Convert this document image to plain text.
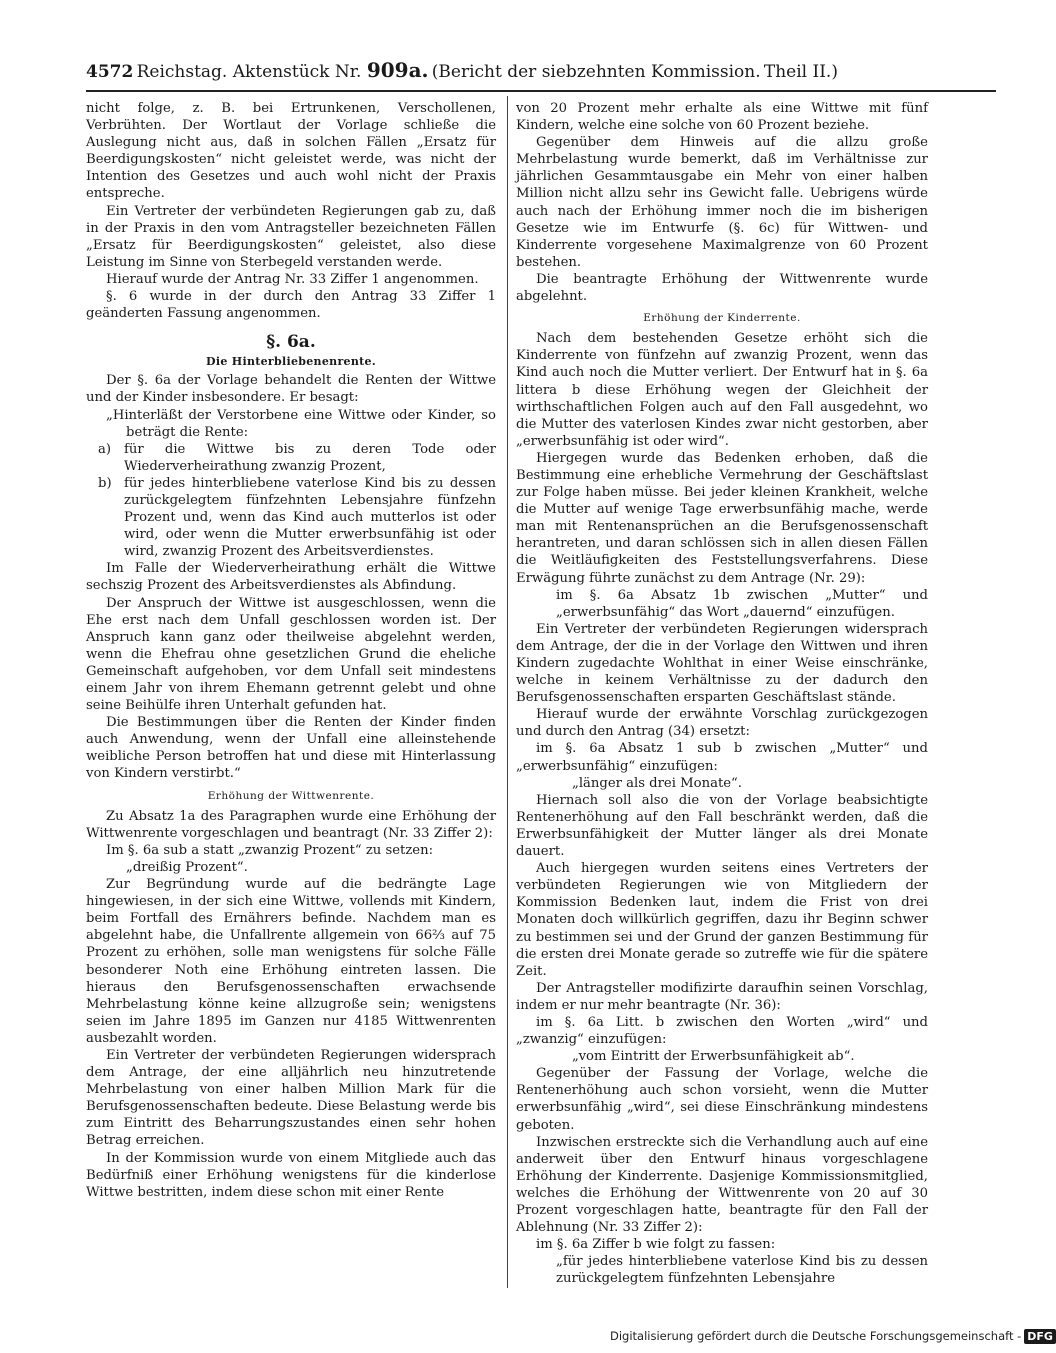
4572 Reichstag. Aktenstück Nr. 909a. (Bericht der siebzehnten Kommission. Theil II.)

nicht folge, z. B. bei Ertrunkenen, Verschollenen, Verbrühten. Der Wortlaut der Vorlage schließe die Auslegung nicht aus, daß in solchen Fällen „Ersatz für Beerdigungskosten“ nicht geleistet werde, was nicht der Intention des Gesetzes und auch wohl nicht der Praxis entspreche.

Ein Vertreter der verbündeten Regierungen gab zu, daß in der Praxis in den vom Antragsteller bezeichneten Fällen „Ersatz für Beerdigungskosten“ geleistet, also diese Leistung im Sinne von Sterbegeld verstanden werde.

Hierauf wurde der Antrag Nr. 33 Ziffer 1 angenommen.

§. 6 wurde in der durch den Antrag 33 Ziffer 1 geänderten Fassung angenommen.

§. 6a.
Die Hinterbliebenenrente.

Der §. 6a der Vorlage behandelt die Renten der Wittwe und der Kinder insbesondere. Er besagt:

„Hinterläßt der Verstorbene eine Wittwe oder Kinder, so beträgt die Rente:

a) für die Wittwe bis zu deren Tode oder Wiederverheirathung zwanzig Prozent,
b) für jedes hinterbliebene vaterlose Kind bis zu dessen zurückgelegtem fünfzehnten Lebensjahre fünfzehn Prozent und, wenn das Kind auch mutterlos ist oder wird, oder wenn die Mutter erwerbsunfähig ist oder wird, zwanzig Prozent des Arbeitsverdienstes.

Im Falle der Wiederverheirathung erhält die Wittwe sechszig Prozent des Arbeitsverdienstes als Abfindung.

Der Anspruch der Wittwe ist ausgeschlossen, wenn die Ehe erst nach dem Unfall geschlossen worden ist. Der Anspruch kann ganz oder theilweise abgelehnt werden, wenn die Ehefrau ohne gesetzlichen Grund die eheliche Gemeinschaft aufgehoben, vor dem Unfall seit mindestens einem Jahr von ihrem Ehemann getrennt gelebt und ohne seine Beihülfe ihren Unterhalt gefunden hat.

Die Bestimmungen über die Renten der Kinder finden auch Anwendung, wenn der Unfall eine alleinstehende weibliche Person betroffen hat und diese mit Hinterlassung von Kindern verstirbt.“

Erhöhung der Wittwenrente.

Zu Absatz 1a des Paragraphen wurde eine Erhöhung der Wittwenrente vorgeschlagen und beantragt (Nr. 33 Ziffer 2):

Im §. 6a sub a statt „zwanzig Prozent“ zu setzen:

„dreißig Prozent“.

Zur Begründung wurde auf die bedrängte Lage hingewiesen, in der sich eine Wittwe, vollends mit Kindern, beim Fortfall des Ernährers befinde. Nachdem man es abgelehnt habe, die Unfallrente allgemein von 66⅔ auf 75 Prozent zu erhöhen, solle man wenigstens für solche Fälle besonderer Noth eine Erhöhung eintreten lassen. Die hieraus den Berufsgenossenschaften erwachsende Mehrbelastung könne keine allzugroße sein; wenigstens seien im Jahre 1895 im Ganzen nur 4185 Wittwenrenten ausbezahlt worden.

Ein Vertreter der verbündeten Regierungen widersprach dem Antrage, der eine alljährlich neu hinzutretende Mehrbelastung von einer halben Million Mark für die Berufsgenossenschaften bedeute. Diese Belastung werde bis zum Eintritt des Beharrungszustandes einen sehr hohen Betrag erreichen.

In der Kommission wurde von einem Mitgliede auch das Bedürfniß einer Erhöhung wenigstens für die kinderlose Wittwe bestritten, indem diese schon mit einer Rente

von 20 Prozent mehr erhalte als eine Wittwe mit fünf Kindern, welche eine solche von 60 Prozent beziehe.

Gegenüber dem Hinweis auf die allzu große Mehrbelastung wurde bemerkt, daß im Verhältnisse zur jährlichen Gesammtausgabe ein Mehr von einer halben Million nicht allzu sehr ins Gewicht falle. Uebrigens würde auch nach der Erhöhung immer noch die im bisherigen Gesetze wie im Entwurfe (§. 6c) für Wittwen- und Kinderrente vorgesehene Maximalgrenze von 60 Prozent bestehen.

Die beantragte Erhöhung der Wittwenrente wurde abgelehnt.

Erhöhung der Kinderrente.

Nach dem bestehenden Gesetze erhöht sich die Kinderrente von fünfzehn auf zwanzig Prozent, wenn das Kind auch noch die Mutter verliert. Der Entwurf hat in §. 6a littera b diese Erhöhung wegen der Gleichheit der wirthschaftlichen Folgen auch auf den Fall ausgedehnt, wo die Mutter des vaterlosen Kindes zwar nicht gestorben, aber „erwerbsunfähig ist oder wird“.

Hiergegen wurde das Bedenken erhoben, daß die Bestimmung eine erhebliche Vermehrung der Geschäftslast zur Folge haben müsse. Bei jeder kleinen Krankheit, welche die Mutter auf wenige Tage erwerbsunfähig mache, werde man mit Rentenansprüchen an die Berufsgenossenschaft herantreten, und daran schlössen sich in allen diesen Fällen die Weitläufigkeiten des Feststellungsverfahrens. Diese Erwägung führte zunächst zu dem Antrage (Nr. 29):

im §. 6a Absatz 1b zwischen „Mutter“ und „erwerbsunfähig“ das Wort „dauernd“ einzufügen.

Ein Vertreter der verbündeten Regierungen widersprach dem Antrage, der die in der Vorlage den Wittwen und ihren Kindern zugedachte Wohlthat in einer Weise einschränke, welche in keinem Verhältnisse zu der dadurch den Berufsgenossenschaften ersparten Geschäftslast stände.

Hierauf wurde der erwähnte Vorschlag zurückgezogen und durch den Antrag (34) ersetzt:

im §. 6a Absatz 1 sub b zwischen „Mutter“ und „erwerbsunfähig“ einzufügen:

„länger als drei Monate“.

Hiernach soll also die von der Vorlage beabsichtigte Rentenerhöhung auf den Fall beschränkt werden, daß die Erwerbsunfähigkeit der Mutter länger als drei Monate dauert.

Auch hiergegen wurden seitens eines Vertreters der verbündeten Regierungen wie von Mitgliedern der Kommission Bedenken laut, indem die Frist von drei Monaten doch willkürlich gegriffen, dazu ihr Beginn schwer zu bestimmen sei und der Grund der ganzen Bestimmung für die ersten drei Monate gerade so zutreffe wie für die spätere Zeit.

Der Antragsteller modifizirte daraufhin seinen Vorschlag, indem er nur mehr beantragte (Nr. 36):

im §. 6a Litt. b zwischen den Worten „wird“ und „zwanzig“ einzufügen:

„vom Eintritt der Erwerbsunfähigkeit ab“.

Gegenüber der Fassung der Vorlage, welche die Rentenerhöhung auch schon vorsieht, wenn die Mutter erwerbsunfähig „wird“, sei diese Einschränkung mindestens geboten.

Inzwischen erstreckte sich die Verhandlung auch auf eine anderweit über den Entwurf hinaus vorgeschlagene Erhöhung der Kinderrente. Dasjenige Kommissionsmitglied, welches die Erhöhung der Wittwenrente von 20 auf 30 Prozent vorgeschlagen hatte, beantragte für den Fall der Ablehnung (Nr. 33 Ziffer 2):

im §. 6a Ziffer b wie folgt zu fassen:

„für jedes hinterbliebene vaterlose Kind bis zu dessen zurückgelegtem fünfzehnten Lebensjahre

Digitalisierung gefördert durch die Deutsche Forschungsgemeinschaft - DFG
